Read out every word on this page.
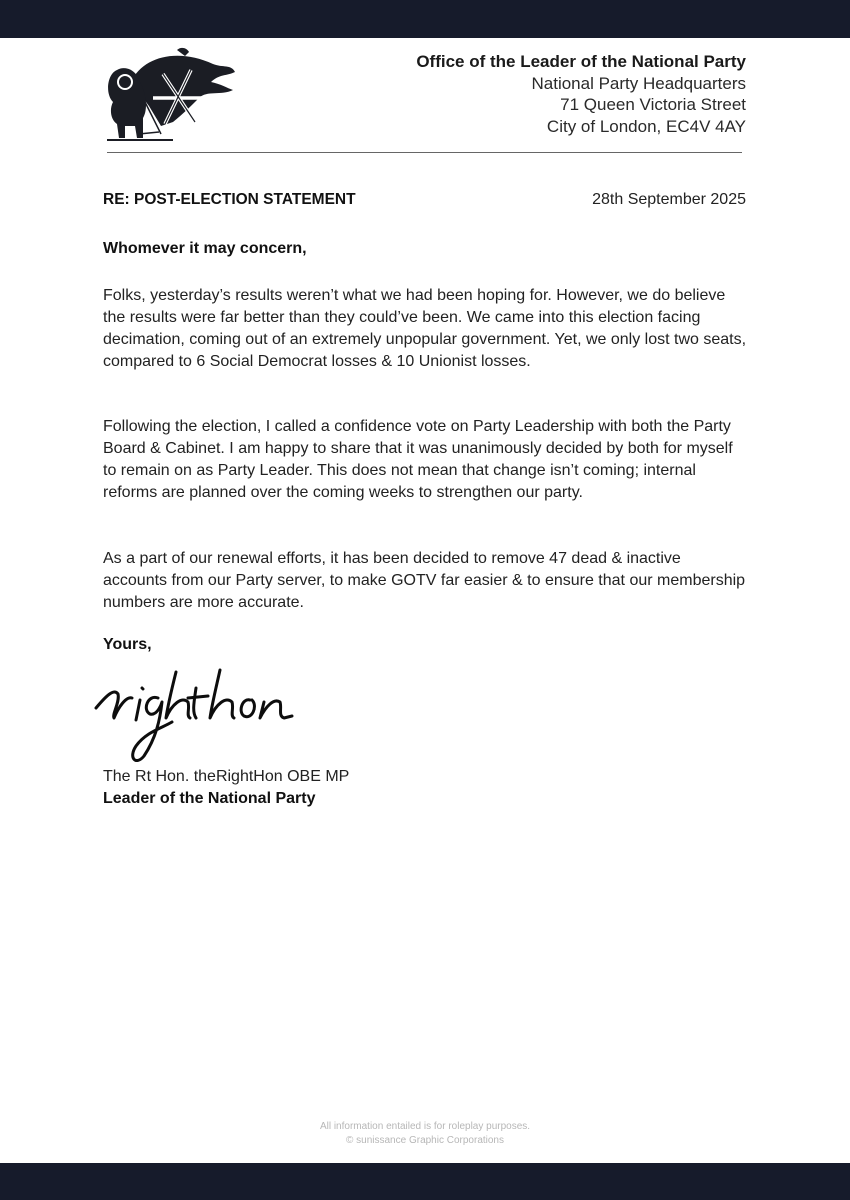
Office of the Leader of the National Party
National Party Headquarters
71 Queen Victoria Street
City of London, EC4V 4AY
RE: POST-ELECTION STATEMENT	28th September 2025
Whomever it may concern,

Folks, yesterday’s results weren’t what we had been hoping for. However, we do believe the results were far better than they could’ve been. We came into this election facing decimation, coming out of an extremely unpopular government. Yet, we only lost two seats, compared to 6 Social Democrat losses & 10 Unionist losses.

Following the election, I called a confidence vote on Party Leadership with both the Party Board & Cabinet. I am happy to share that it was unanimously decided by both for myself to remain on as Party Leader. This does not mean that change isn’t coming; internal reforms are planned over the coming weeks to strengthen our party.

As a part of our renewal efforts, it has been decided to remove 47 dead & inactive accounts from our Party server, to make GOTV far easier & to ensure that our membership numbers are more accurate.

Yours,
The Rt Hon. theRightHon OBE MP
Leader of the National Party
All information entailed is for roleplay purposes.
© sunissance Graphic Corporations
